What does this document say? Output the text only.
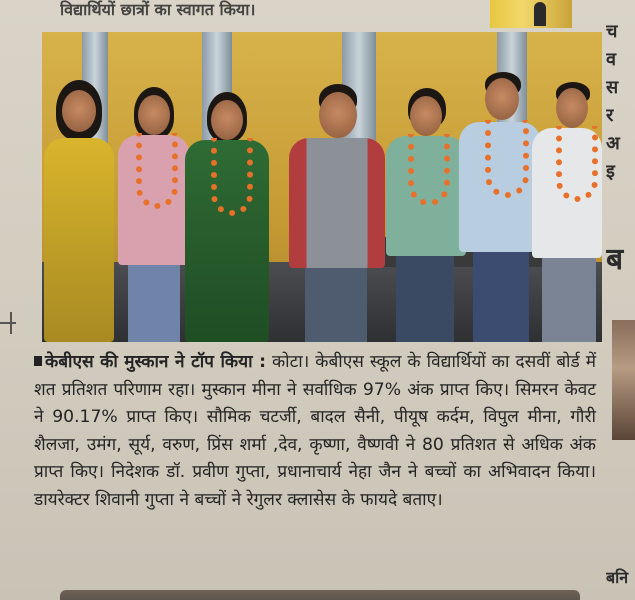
विद्यार्थियों छात्रों का स्वागत किया।
च
व
स
र
अ
इ
ब
बनि
केबीएस की मुस्कान ने टॉप किया : कोटा। केबीएस स्कूल के विद्यार्थियों का दसवीं बोर्ड में शत प्रतिशत परिणाम रहा। मुस्कान मीना ने सर्वाधिक 97% अंक प्राप्त किए। सिमरन केवट ने 90.17% प्राप्त किए। सौमिक चटर्जी, बादल सैनी, पीयूष कर्दम, विपुल मीना, गौरी शैलजा, उमंग, सूर्य, वरुण, प्रिंस शर्मा ,देव, कृष्णा, वैष्णवी ने 80 प्रतिशत से अधिक अंक प्राप्त किए। निदेशक डॉ. प्रवीण गुप्ता, प्रधानाचार्य नेहा जैन ने बच्चों का अभिवादन किया। डायरेक्टर शिवानी गुप्ता ने बच्चों ने रेगुलर क्लासेस के फायदे बताए।
